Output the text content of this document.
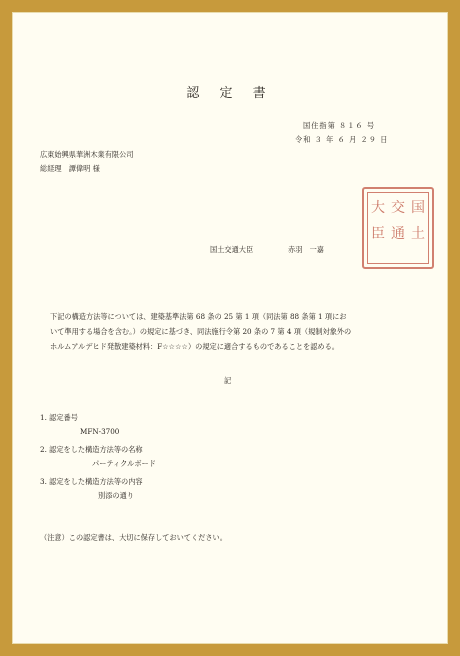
認 定 書
国住指第 ８１６ 号
令和 ３ 年 ６ 月 ２９ 日
広東始興県華洲木業有限公司
総経理　譚偉明 様
国土交通大臣	赤羽　一嘉
国
土
交
通
大
臣
下記の構造方法等については、建築基準法第 68 条の 25 第 1 項（同法第 88 条第 1 項にお
いて準用する場合を含む。）の規定に基づき、同法施行令第 20 条の 7 第 4 項（規制対象外の
ホルムアルデヒド発散建築材料：F☆☆☆☆）の規定に適合するものであることを認める。
記
1. 認定番号
MFN-3700
2. 認定をした構造方法等の名称
パーティクルボード
3. 認定をした構造方法等の内容
別添の通り
（注意）この認定書は、大切に保存しておいてください。
